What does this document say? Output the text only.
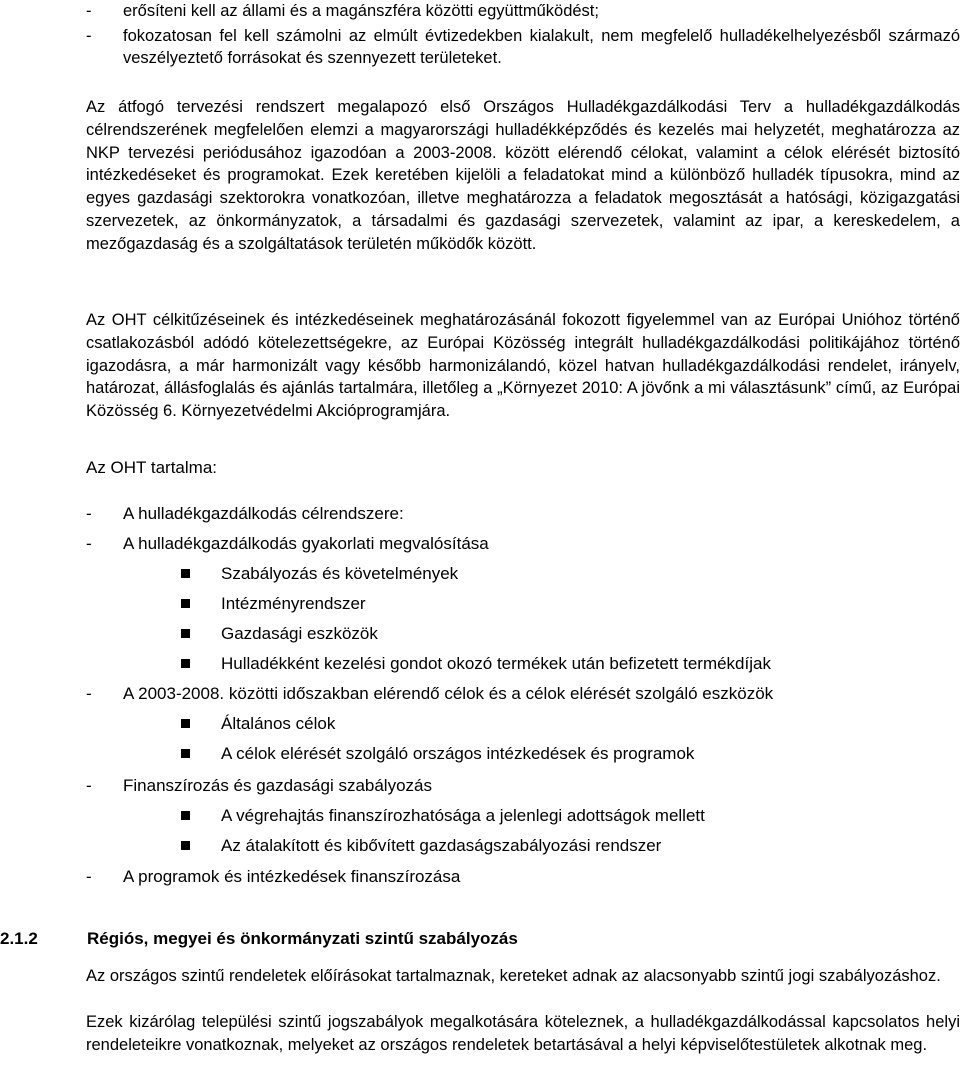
- erősíteni kell az állami és a magánszféra közötti együttműködést;
- fokozatosan fel kell számolni az elmúlt évtizedekben kialakult, nem megfelelő hulladékelhelyezésből származó veszélyeztető forrásokat és szennyezett területeket.
Az átfogó tervezési rendszert megalapozó első Országos Hulladékgazdálkodási Terv a hulladékgazdálkodás célrendszerének megfelelően elemzi a magyarországi hulladékképződés és kezelés mai helyzetét, meghatározza az NKP tervezési periódusához igazodóan a 2003-2008. között elérendő célokat, valamint a célok elérését biztosító intézkedéseket és programokat. Ezek keretében kijelöli a feladatokat mind a különböző hulladék típusokra, mind az egyes gazdasági szektorokra vonatkozóan, illetve meghatározza a feladatok megosztását a hatósági, közigazgatási szervezetek, az önkormányzatok, a társadalmi és gazdasági szervezetek, valamint az ipar, a kereskedelem, a mezőgazdaság és a szolgáltatások területén működők között.
Az OHT célkitűzéseinek és intézkedéseinek meghatározásánál fokozott figyelemmel van az Európai Unióhoz történő csatlakozásból adódó kötelezettségekre, az Európai Közösség integrált hulladékgazdálkodási politikájához történő igazodásra, a már harmonizált vagy később harmonizálandó, közel hatvan hulladékgazdálkodási rendelet, irányelv, határozat, állásfoglalás és ajánlás tartalmára, illetőleg a „Környezet 2010: A jövőnk a mi választásunk” című, az Európai Közösség 6. Környezetvédelmi Akcióprogramjára.
Az OHT tartalma:
- A hulladékgazdálkodás célrendszere:
- A hulladékgazdálkodás gyakorlati megvalósítása
Szabályozás és követelmények
Intézményrendszer
Gazdasági eszközök
Hulladékként kezelési gondot okozó termékek után befizetett termékdíjak
- A 2003-2008. közötti időszakban elérendő célok és a célok elérését szolgáló eszközök
Általános célok
A célok elérését szolgáló országos intézkedések és programok
- Finanszírozás és gazdasági szabályozás
A végrehajtás finanszírozhatósága a jelenlegi adottságok mellett
Az átalakított és kibővített gazdaságszabályozási rendszer
- A programok és intézkedések finanszírozása
2.1.2	Régiós, megyei és önkormányzati szintű szabályozás
Az országos szintű rendeletek előírásokat tartalmaznak, kereteket adnak az alacsonyabb szintű jogi szabályozáshoz.
Ezek kizárólag települési szintű jogszabályok megalkotására köteleznek, a hulladékgazdálkodással kapcsolatos helyi rendeleteikre vonatkoznak, melyeket az országos rendeletek betartásával a helyi képviselőtestületek alkotnak meg.
